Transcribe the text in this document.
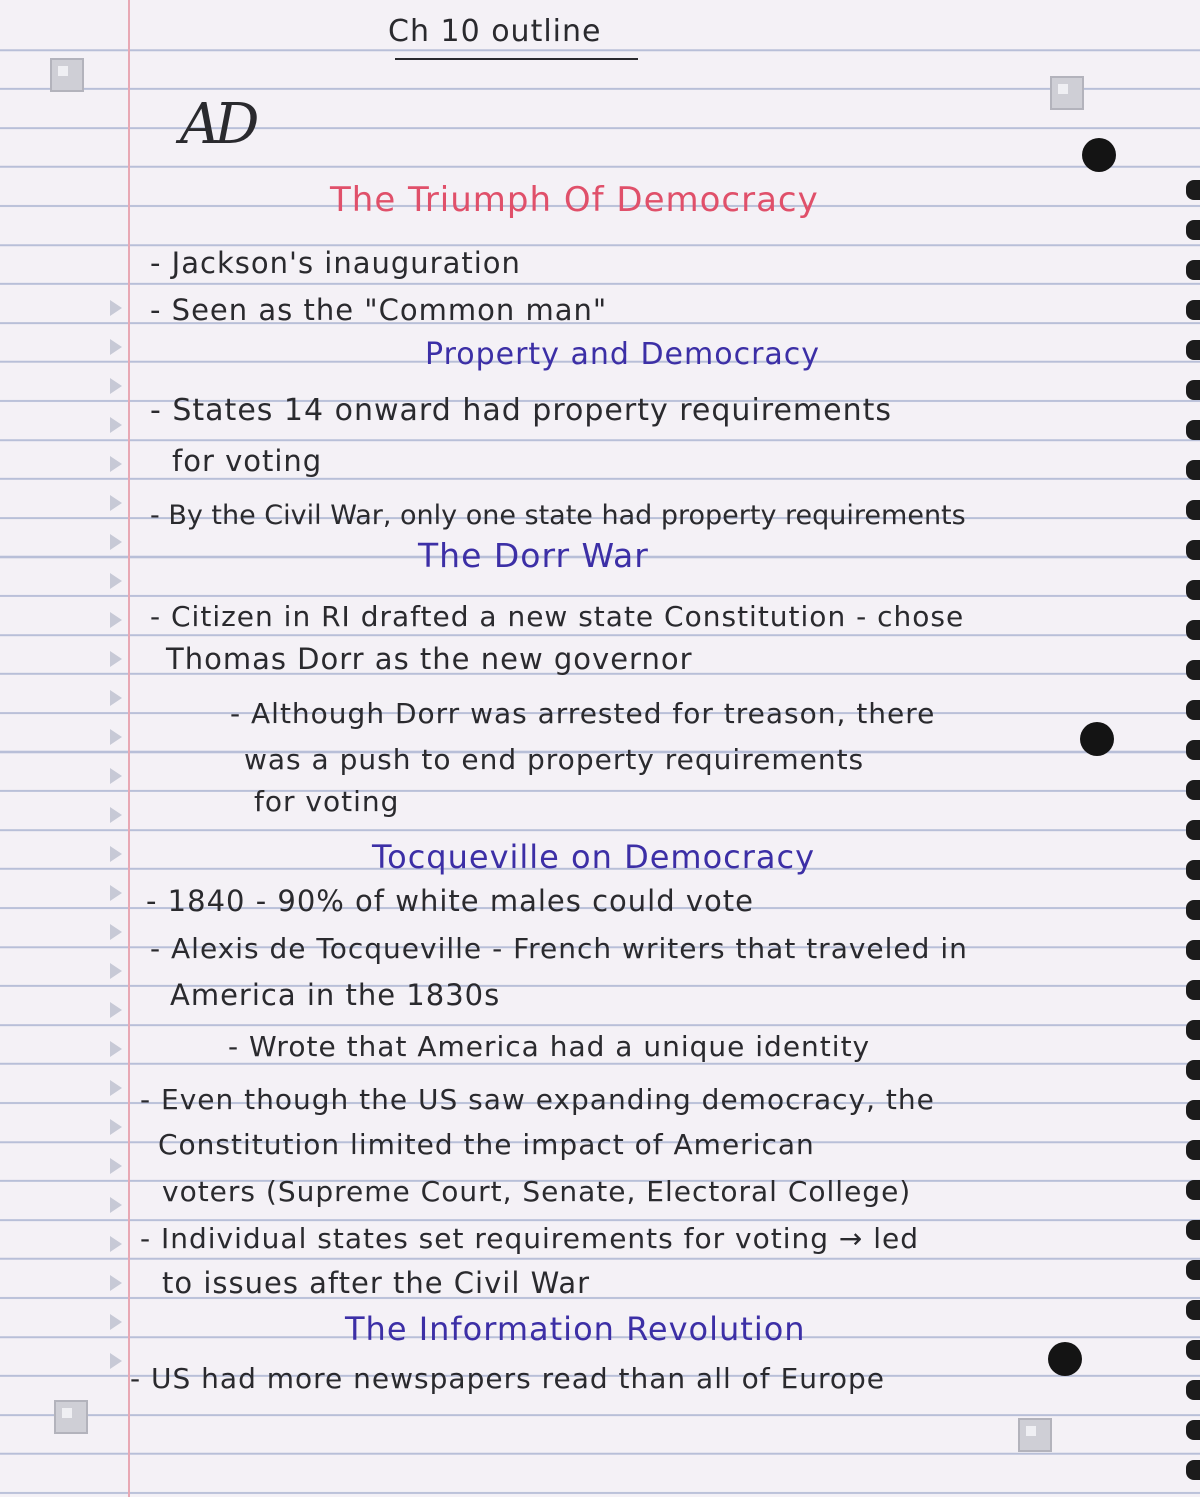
Ch 10 outline
AD
The Triumph Of Democracy
- Jackson's inauguration
- Seen as the "Common man"
Property and Democracy
- States 14 onward had property requirements
for voting
- By the Civil War, only one state had property requirements
The Dorr War
- Citizen in RI drafted a new state Constitution - chose
Thomas Dorr as the new governor
- Although Dorr was arrested for treason, there
was a push to end property requirements
for voting
Tocqueville on Democracy
- 1840 - 90% of white males could vote
- Alexis de Tocqueville - French writers that traveled in
America in the 1830s
- Wrote that America had a unique identity
- Even though the US saw expanding democracy, the
Constitution limited the impact of American
voters (Supreme Court, Senate, Electoral College)
- Individual states set requirements for voting → led
to issues after the Civil War
The Information Revolution
- US had more newspapers read than all of Europe
